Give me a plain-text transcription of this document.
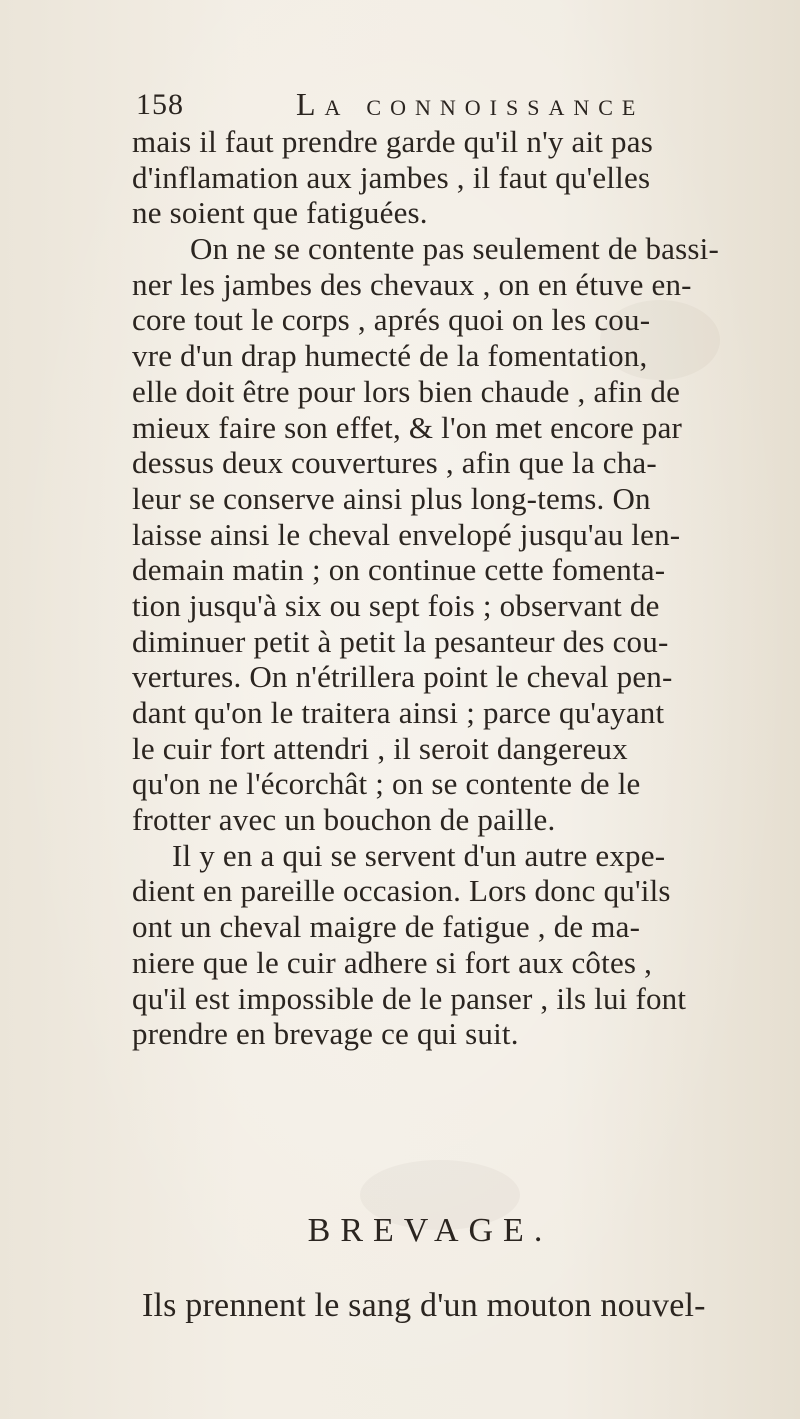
158	La connoissance
mais il faut prendre garde qu'il n'y ait pas
d'inflamation aux jambes , il faut qu'elles
ne soient que fatiguées.
On ne se contente pas seulement de bassi-
ner les jambes des chevaux , on en étuve en-
core tout le corps , aprés quoi on les cou-
vre d'un drap humecté de la fomentation,
elle doit être pour lors bien chaude , afin de
mieux faire son effet, & l'on met encore par
dessus deux couvertures , afin que la cha-
leur se conserve ainsi plus long-tems. On
laisse ainsi le cheval envelopé jusqu'au len-
demain matin ; on continue cette fomenta-
tion jusqu'à six ou sept fois ; observant de
diminuer petit à petit la pesanteur des cou-
vertures. On n'étrillera point le cheval pen-
dant qu'on le traitera ainsi ; parce qu'ayant
le cuir fort attendri , il seroit dangereux
qu'on ne l'écorchât ; on se contente de le
frotter avec un bouchon de paille.
Il y en a qui se servent d'un autre expe-
dient en pareille occasion. Lors donc qu'ils
ont un cheval maigre de fatigue , de ma-
niere que le cuir adhere si fort aux côtes ,
qu'il est impossible de le panser , ils lui font
prendre en brevage ce qui suit.
BREVAGE.
Ils prennent le sang d'un mouton nouvel-
